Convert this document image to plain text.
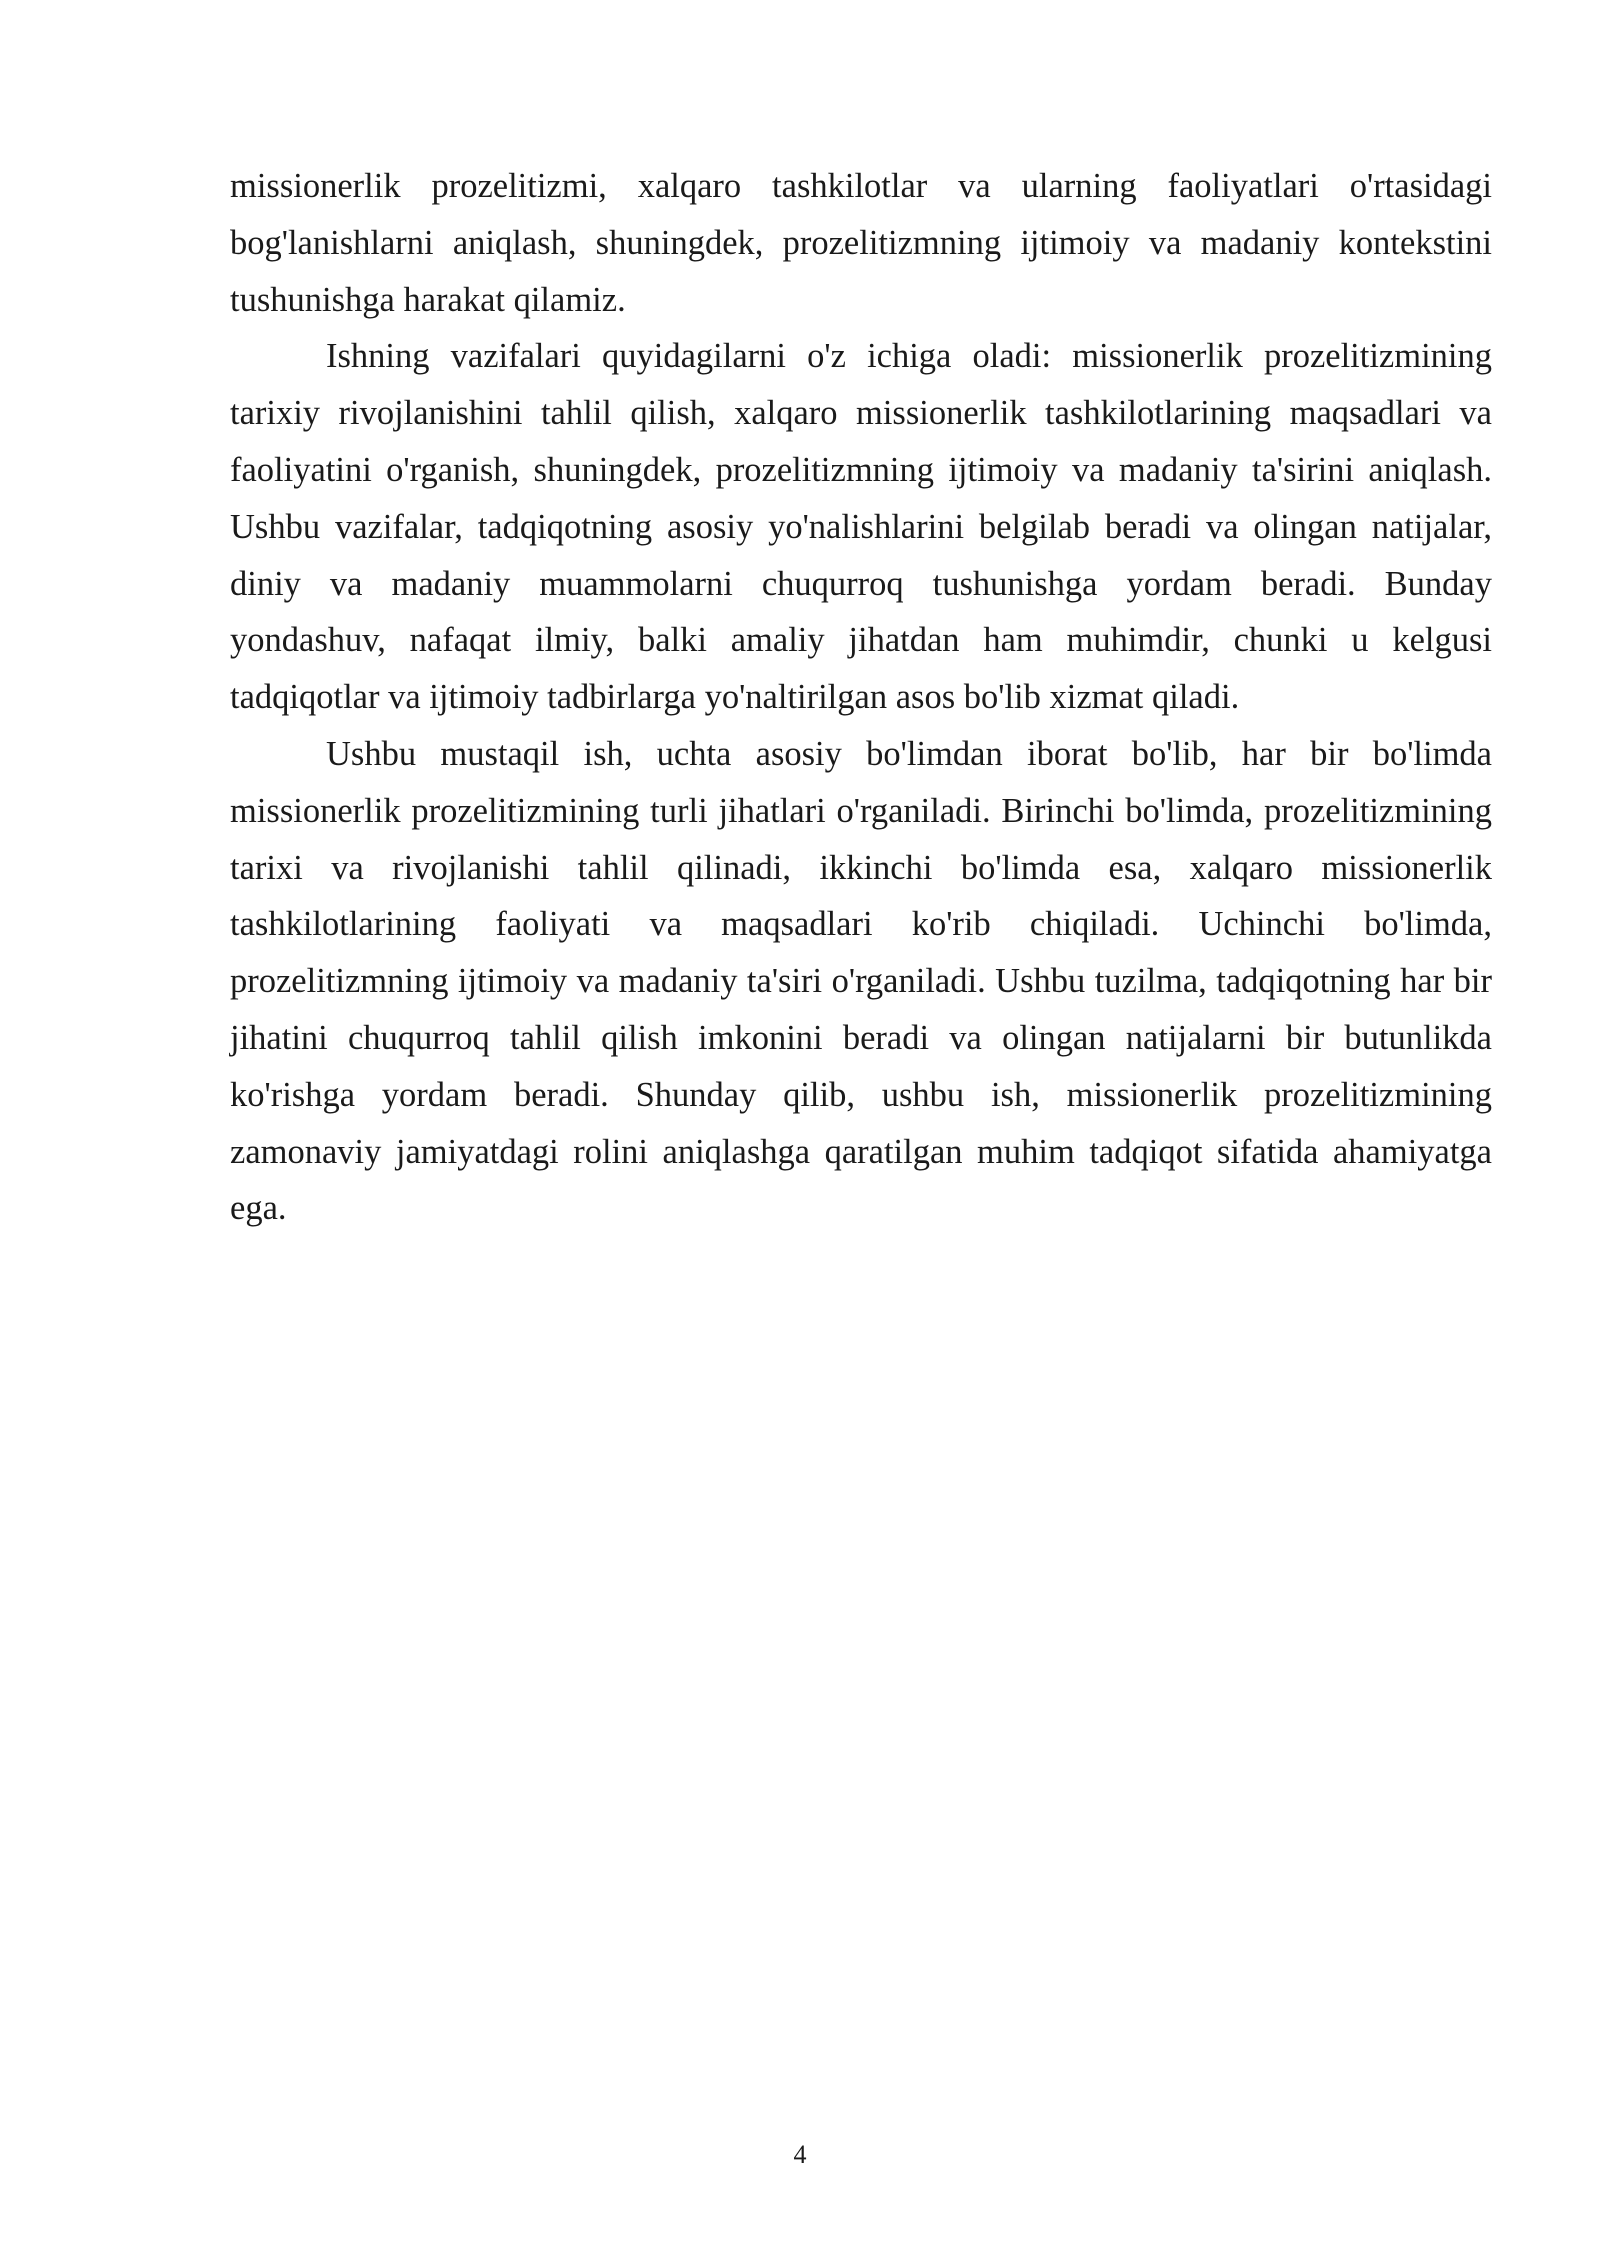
missionerlik prozelitizmi, xalqaro tashkilotlar va ularning faoliyatlari o'rtasidagi bog'lanishlarni aniqlash, shuningdek, prozelitizmning ijtimoiy va madaniy kontekstini tushunishga harakat qilamiz.

Ishning vazifalari quyidagilarni o'z ichiga oladi: missionerlik prozelitizmining tarixiy rivojlanishini tahlil qilish, xalqaro missionerlik tashkilotlarining maqsadlari va faoliyatini o'rganish, shuningdek, prozelitizmning ijtimoiy va madaniy ta'sirini aniqlash. Ushbu vazifalar, tadqiqotning asosiy yo'nalishlarini belgilab beradi va olingan natijalar, diniy va madaniy muammolarni chuqurroq tushunishga yordam beradi. Bunday yondashuv, nafaqat ilmiy, balki amaliy jihatdan ham muhimdir, chunki u kelgusi tadqiqotlar va ijtimoiy tadbirlarga yo'naltirilgan asos bo'lib xizmat qiladi.

Ushbu mustaqil ish, uchta asosiy bo'limdan iborat bo'lib, har bir bo'limda missionerlik prozelitizmining turli jihatlari o'rganiladi. Birinchi bo'limda, prozelitizmining tarixi va rivojlanishi tahlil qilinadi, ikkinchi bo'limda esa, xalqaro missionerlik tashkilotlarining faoliyati va maqsadlari ko'rib chiqiladi. Uchinchi bo'limda, prozelitizmning ijtimoiy va madaniy ta'siri o'rganiladi. Ushbu tuzilma, tadqiqotning har bir jihatini chuqurroq tahlil qilish imkonini beradi va olingan natijalarni bir butunlikda ko'rishga yordam beradi. Shunday qilib, ushbu ish, missionerlik prozelitizmining zamonaviy jamiyatdagi rolini aniqlashga qaratilgan muhim tadqiqot sifatida ahamiyatga ega.

4
